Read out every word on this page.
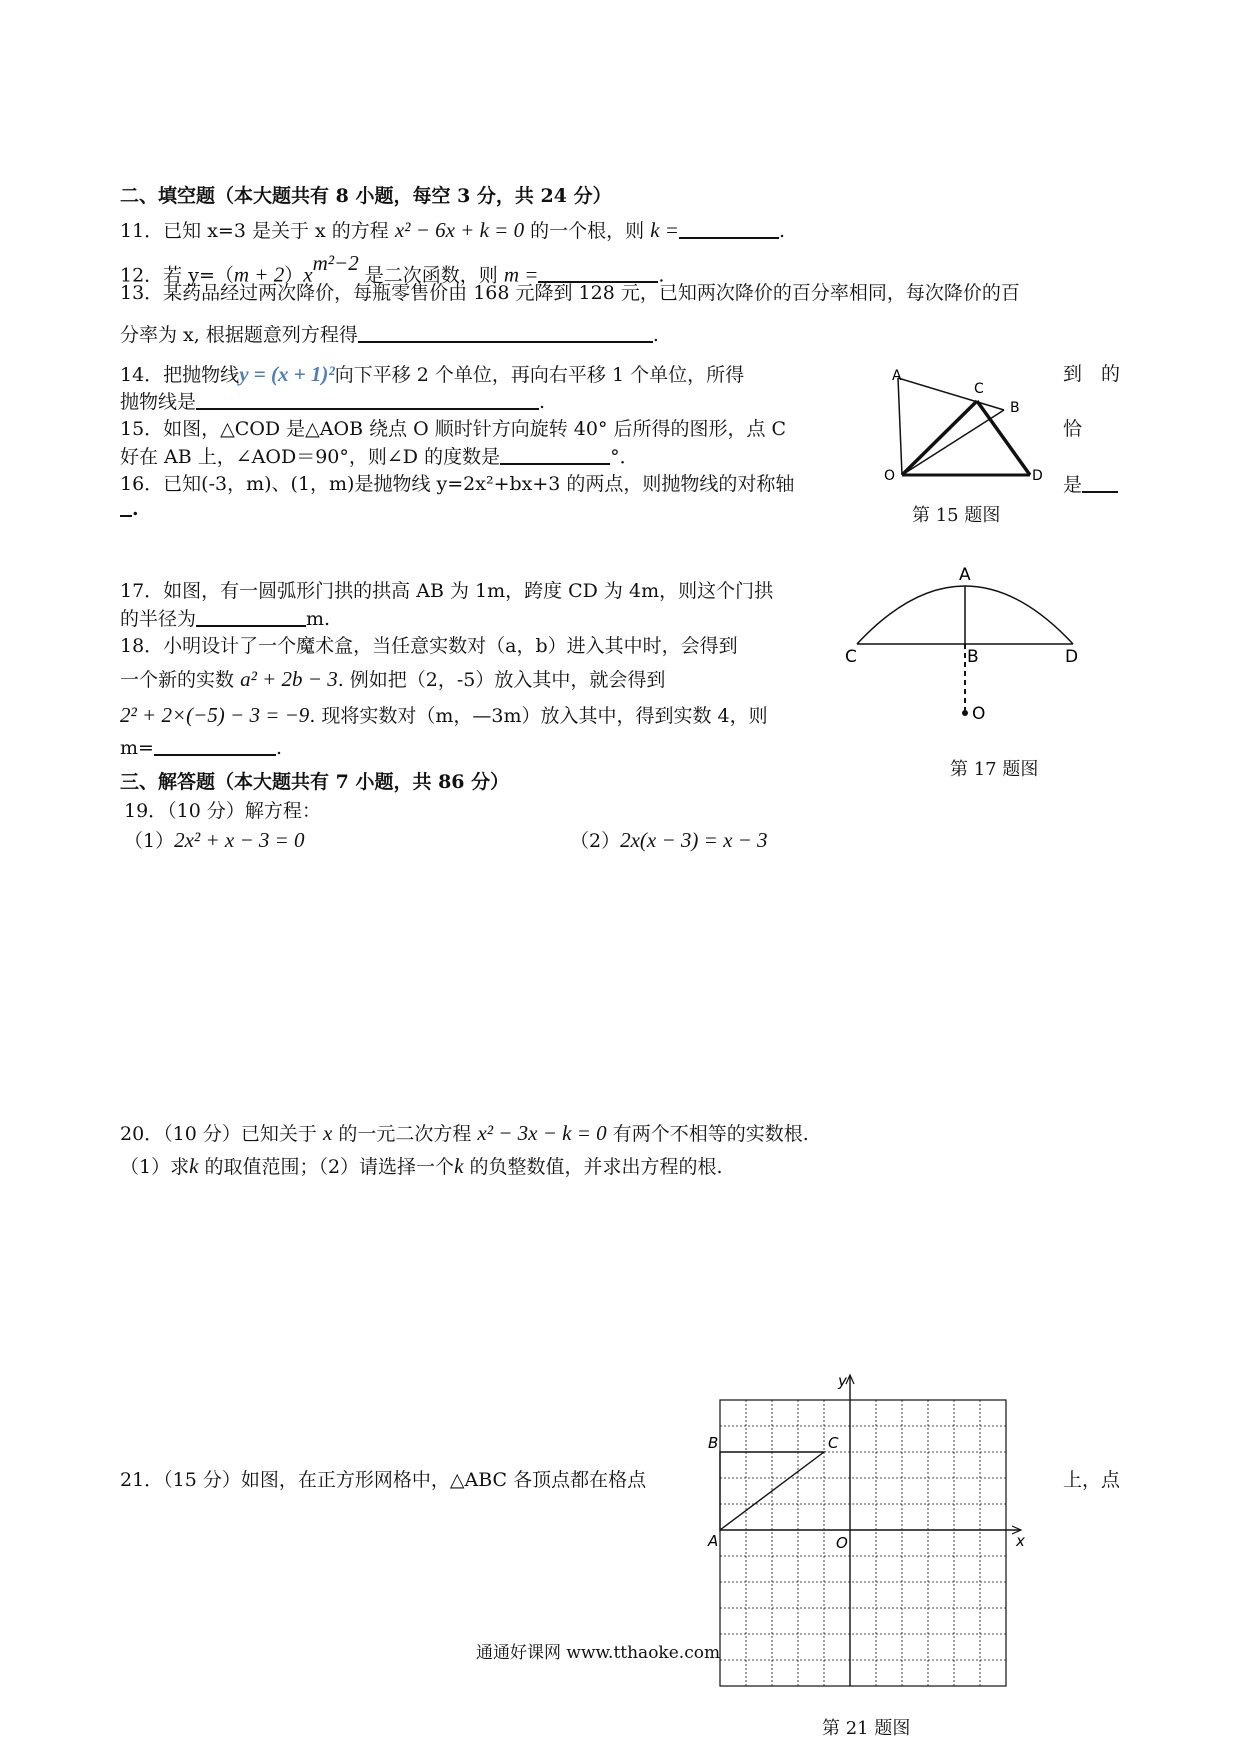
二、填空题（本大题共有 8 小题，每空 3 分，共 24 分）
11．已知 x=3 是关于 x 的方程 x² − 6x + k = 0 的一个根，则 k =	.
12．若 $y=(m + 2)x^{m^2-2}$ 是二次函数，则 m =	.
13．某药品经过两次降价，每瓶零售价由 168 元降到 128 元，已知两次降价的百分率相同，每次降价的百
分率为 x, 根据题意列方程得	.
14．把抛物线y = (x + 1)²向下平移 2 个单位，再向右平移 1 个单位，所得	到　的
抛物线是	.
15．如图，△COD 是△AOB 绕点 O 顺时针方向旋转 40° 后所得的图形，点 C	恰
好在 AB 上，∠AOD＝90°，则∠D 的度数是	°．
16．已知(-3，m)、(1，m)是抛物线 y=2x²+bx+3 的两点，则抛物线的对称轴	是
.
17．如图，有一圆弧形门拱的拱高 AB 为 1m，跨度 CD 为 4m，则这个门拱
的半径为	m.
18．小明设计了一个魔术盒，当任意实数对（a，b）进入其中时，会得到
一个新的实数 a² + 2b − 3. 例如把（2，-5）放入其中，就会得到
2² + 2×(−5) − 3 = −9. 现将实数对（m，—3m）放入其中，得到实数 4，则
m=	.
三、解答题（本大题共有 7 小题，共 86 分）
19．（10 分）解方程：
（1）2x² + x − 3 = 0	（2）2x(x − 3) = x − 3
20．（10 分）已知关于 x 的一元二次方程 x² − 3x − k = 0 有两个不相等的实数根.
（1）求k 的取值范围；（2）请选择一个k 的负整数值，并求出方程的根.
21．（15 分）如图，在正方形网格中，△ABC 各顶点都在格点	上，点
A
C
B
O	D
第 15 题图
A
C	B	D
O
第 17 题图
y
B	C
A	O	x
第 21 题图
通通好课网 www.tthaoke.com
